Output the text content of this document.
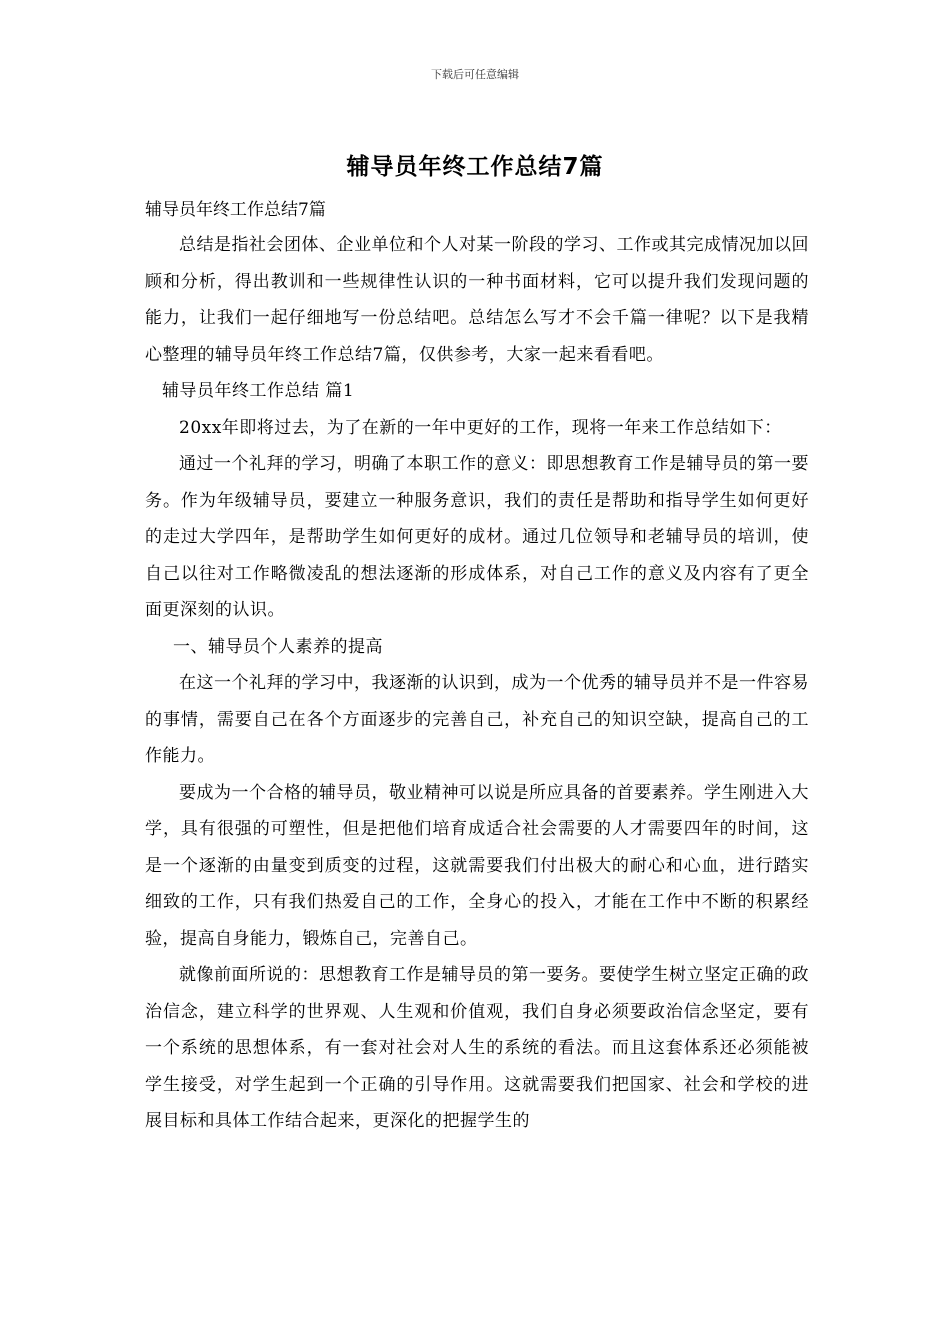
下载后可任意编辑
辅导员年终工作总结7篇

辅导员年终工作总结7篇

总结是指社会团体、企业单位和个人对某一阶段的学习、工作或其完成情况加以回顾和分析，得出教训和一些规律性认识的一种书面材料，它可以提升我们发现问题的能力，让我们一起仔细地写一份总结吧。总结怎么写才不会千篇一律呢？以下是我精心整理的辅导员年终工作总结7篇，仅供参考，大家一起来看看吧。

辅导员年终工作总结 篇1

20xx年即将过去，为了在新的一年中更好的工作，现将一年来工作总结如下：

通过一个礼拜的学习，明确了本职工作的意义：即思想教育工作是辅导员的第一要务。作为年级辅导员，要建立一种服务意识，我们的责任是帮助和指导学生如何更好的走过大学四年，是帮助学生如何更好的成材。通过几位领导和老辅导员的培训，使自己以往对工作略微凌乱的想法逐渐的形成体系，对自己工作的意义及内容有了更全面更深刻的认识。

一、辅导员个人素养的提高

在这一个礼拜的学习中，我逐渐的认识到，成为一个优秀的辅导员并不是一件容易的事情，需要自己在各个方面逐步的完善自己，补充自己的知识空缺，提高自己的工作能力。

要成为一个合格的辅导员，敬业精神可以说是所应具备的首要素养。学生刚进入大学，具有很强的可塑性，但是把他们培育成适合社会需要的人才需要四年的时间，这是一个逐渐的由量变到质变的过程，这就需要我们付出极大的耐心和心血，进行踏实细致的工作，只有我们热爱自己的工作，全身心的投入，才能在工作中不断的积累经验，提高自身能力，锻炼自己，完善自己。

就像前面所说的：思想教育工作是辅导员的第一要务。要使学生树立坚定正确的政治信念，建立科学的世界观、人生观和价值观，我们自身必须要政治信念坚定，要有一个系统的思想体系，有一套对社会对人生的系统的看法。而且这套体系还必须能被学生接受，对学生起到一个正确的引导作用。这就需要我们把国家、社会和学校的进展目标和具体工作结合起来，更深化的把握学生的
